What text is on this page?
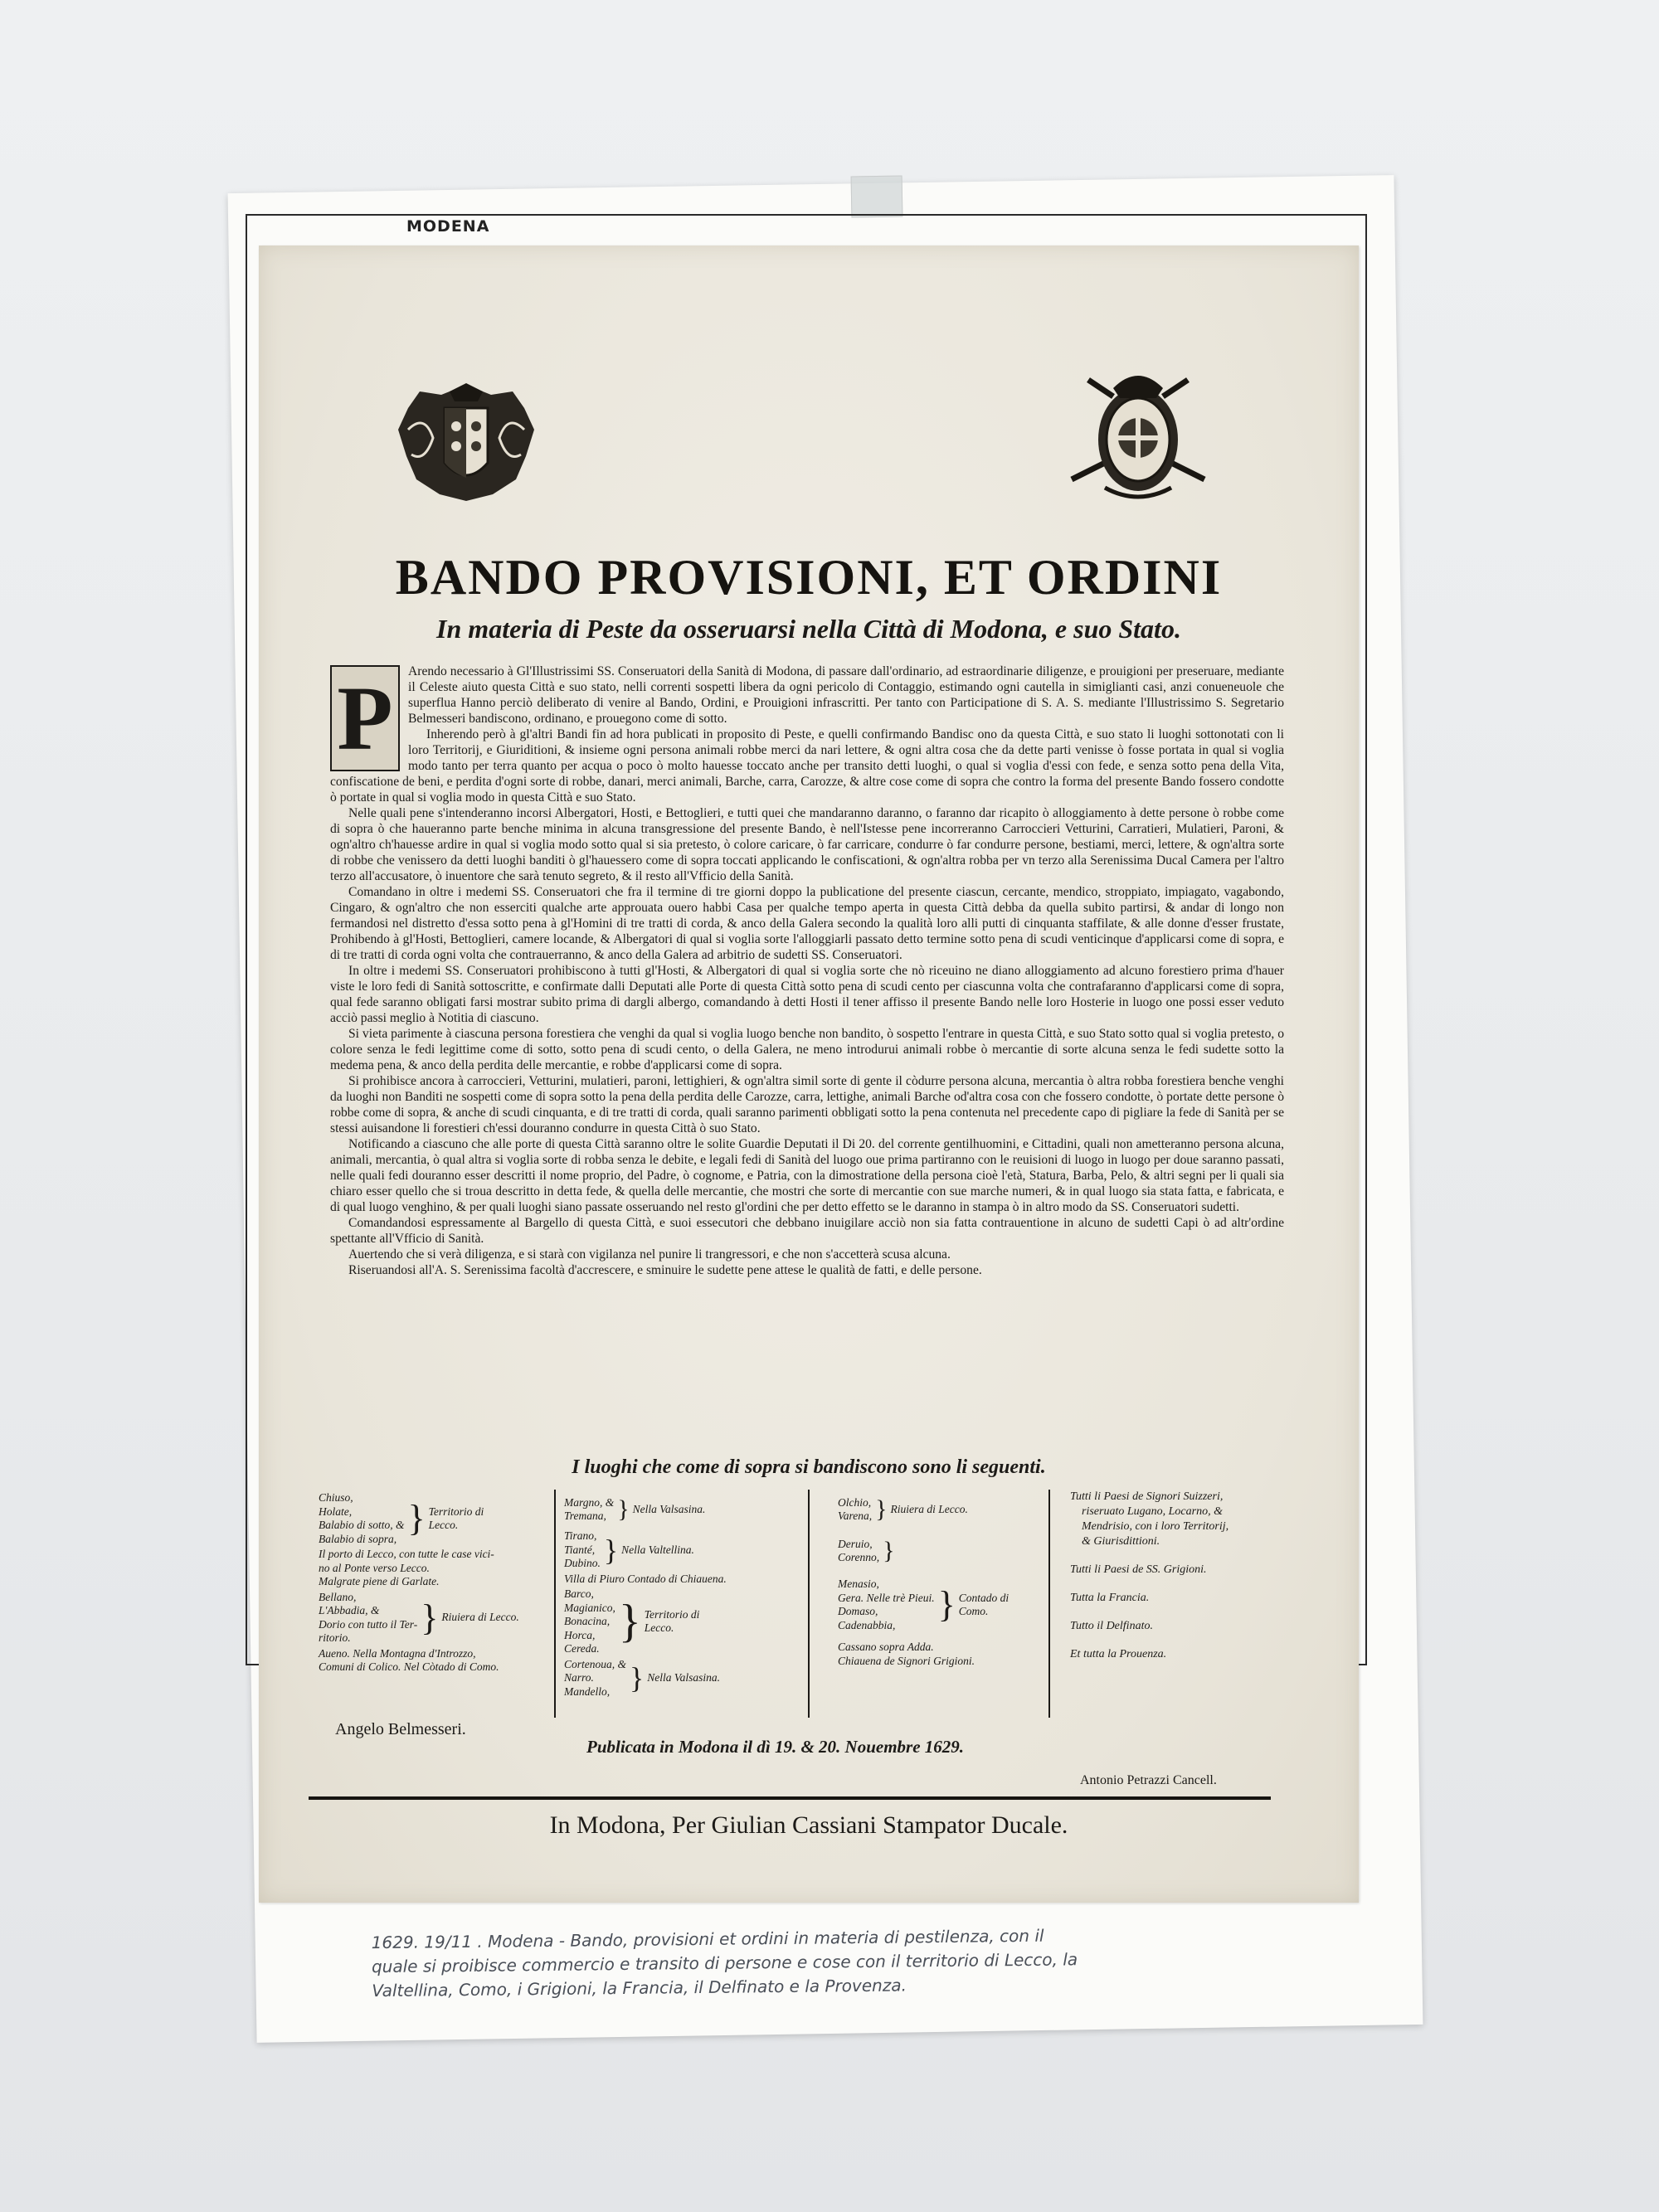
MODENA
BANDO PROVISIONI, ET ORDINI
In materia di Peste da osseruarsi nella Città di Modona, e suo Stato.
P	Arendo necessario à Gl'Illustrissimi SS. Conseruatori della Sanità di Modona, di passare dall'ordinario, ad estraordinarie diligenze, e prouigioni per preseruare, mediante il Celeste aiuto questa Città e suo stato, nelli correnti sospetti libera da ogni pericolo di Contaggio, estimando ogni cautella in simiglianti casi, anzi conueneuole che superflua Hanno perciò deliberato di venire al Bando, Ordini, e Prouigioni infrascritti. Per tanto con Participatione di S. A. S. mediante l'Illustrissimo S. Segretario Belmesseri bandiscono, ordinano, e prouegono come di sotto.

Inherendo però à gl'altri Bandi fin ad hora publicati in proposito di Peste, e quelli confirmando Bandisc ono da questa Città, e suo stato li luoghi sottonotati con li loro Territorij, e Giuriditioni, & insieme ogni persona animali robbe merci da nari lettere, & ogni altra cosa che da dette parti venisse ò fosse portata in qual si voglia modo tanto per terra quanto per acqua o poco ò molto hauesse toccato anche per transito detti luoghi, o qual si voglia d'essi con fede, e senza sotto pena della Vita, confiscatione de beni, e perdita d'ogni sorte di robbe, danari, merci animali, Barche, carra, Carozze, & altre cose come di sopra che contro la forma del presente Bando fossero condotte ò portate in qual si voglia modo in questa Città e suo Stato.

Nelle quali pene s'intenderanno incorsi Albergatori, Hosti, e Bettoglieri, e tutti quei che mandaranno daranno, o faranno dar ricapito ò alloggiamento à dette persone ò robbe come di sopra ò che haueranno parte benche minima in alcuna transgressione del presente Bando, è nell'Istesse pene incorreranno Carroccieri Vetturini, Carratieri, Mulatieri, Paroni, & ogn'altro ch'hauesse ardire in qual si voglia modo sotto qual si sia pretesto, ò colore caricare, ò far carricare, condurre ò far condurre persone, bestiami, merci, lettere, & ogn'altra sorte di robbe che venissero da detti luoghi banditi ò gl'hauessero come di sopra toccati applicando le confiscationi, & ogn'altra robba per vn terzo alla Serenissima Ducal Camera per l'altro terzo all'accusatore, ò inuentore che sarà tenuto segreto, & il resto all'Vfficio della Sanità.

Comandano in oltre i medemi SS. Conseruatori che fra il termine di tre giorni doppo la publicatione del presente ciascun, cercante, mendico, stroppiato, impiagato, vagabondo, Cingaro, & ogn'altro che non esserciti qualche arte approuata ouero habbi Casa per qualche tempo aperta in questa Città debba da quella subito partirsi, & andar di longo non fermandosi nel distretto d'essa sotto pena à gl'Homini di tre tratti di corda, & anco della Galera secondo la qualità loro alli putti di cinquanta staffilate, & alle donne d'esser frustate, Prohibendo à gl'Hosti, Bettoglieri, camere locande, & Albergatori di qual si voglia sorte l'alloggiarli passato detto termine sotto pena di scudi venticinque d'applicarsi come di sopra, e di tre tratti di corda ogni volta che contrauerranno, & anco della Galera ad arbitrio de sudetti SS. Conseruatori.

In oltre i medemi SS. Conseruatori prohibiscono à tutti gl'Hosti, & Albergatori di qual si voglia sorte che nò riceuino ne diano alloggiamento ad alcuno forestiero prima d'hauer viste le loro fedi di Sanità sottoscritte, e confirmate dalli Deputati alle Porte di questa Città sotto pena di scudi cento per ciascunna volta che contrafaranno d'applicarsi come di sopra, qual fede saranno obligati farsi mostrar subito prima di dargli albergo, comandando à detti Hosti il tener affisso il presente Bando nelle loro Hosterie in luogo one possi esser veduto acciò passi meglio à Notitia di ciascuno.

Si vieta parimente à ciascuna persona forestiera che venghi da qual si voglia luogo benche non bandito, ò sospetto l'entrare in questa Città, e suo Stato sotto qual si voglia pretesto, o colore senza le fedi legittime come di sotto, sotto pena di scudi cento, o della Galera, ne meno introdurui animali robbe ò mercantie di sorte alcuna senza le fedi sudette sotto la medema pena, & anco della perdita delle mercantie, e robbe d'applicarsi come di sopra.

Si prohibisce ancora à carroccieri, Vetturini, mulatieri, paroni, lettighieri, & ogn'altra simil sorte di gente il còdurre persona alcuna, mercantia ò altra robba forestiera benche venghi da luoghi non Banditi ne sospetti come di sopra sotto la pena della perdita delle Carozze, carra, lettighe, animali Barche od'altra cosa con che fossero condotte, ò portate dette persone ò robbe come di sopra, & anche di scudi cinquanta, e di tre tratti di corda, quali saranno parimenti obbligati sotto la pena contenuta nel precedente capo di pigliare la fede di Sanità per se stessi auisandone li forestieri ch'essi douranno condurre in questa Città ò suo Stato.

Notificando a ciascuno che alle porte di questa Città saranno oltre le solite Guardie Deputati il Di 20. del corrente gentilhuomini, e Cittadini, quali non ametteranno persona alcuna, animali, mercantia, ò qual altra si voglia sorte di robba senza le debite, e legali fedi di Sanità del luogo oue prima partiranno con le reuisioni di luogo in luogo per doue saranno passati, nelle quali fedi douranno esser descritti il nome proprio, del Padre, ò cognome, e Patria, con la dimostratione della persona cioè l'età, Statura, Barba, Pelo, & altri segni per li quali sia chiaro esser quello che si troua descritto in detta fede, & quella delle mercantie, che mostri che sorte di mercantie con sue marche numeri, & in qual luogo sia stata fatta, e fabricata, e di qual luogo venghino, & per quali luoghi siano passate osseruando nel resto gl'ordini che per detto effetto se le daranno in stampa ò in altro modo da SS. Conseruatori sudetti.

Comandandosi espressamente al Bargello di questa Città, e suoi essecutori che debbano inuigilare acciò non sia fatta contrauentione in alcuno de sudetti Capi ò ad altr'ordine spettante all'Vfficio di Sanità.

Auertendo che si verà diligenza, e si starà con vigilanza nel punire li trangressori, e che non s'accetterà scusa alcuna.

Riseruandosi all'A. S. Serenissima facoltà d'accrescere, e sminuire le sudette pene attese le qualità de fatti, e delle persone.

I luoghi che come di sopra si bandiscono sono li seguenti.
Chiuso,
Holate,
Balabio di sotto, &
Balabio di sopra, } Territorio di Lecco.
Il porto di Lecco, con tutte le case vici-
no al Ponte verso Lecco.
Malgrate piene di Garlate.
Bellano,
L'Abbadia, &
Dorio con tutto il Ter-
ritorio.	} Riuiera di Lecco.
Aueno. Nella Montagna d'Introzzo,
Comuni di Colico. Nel Còtado di Como.
Margno, &
Tremana, } Nella Valsasina.
Tirano,
Tianté,
Dubino. } Nella Valtellina.
Villa di Piuro Contado di Chiauena.
Barco,
Magianico,
Bonacina,
Horca,
Cereda.
} Territorio di Lecco.
Cortenoua, &
Narro.
Mandello, } Nella Valsasina.
Olchio,
Varena, } Riuiera di Lecco.
Deruio,
Corenno, }
Menasio,
Gera. Nelle trè Pieui.
Domaso,
Cadenabbia,	} Contado di Como.
Cassano sopra Adda.
Chiauena de Signori Grigioni.
Tutti li Paesi de Signori Suizzeri,
riseruato Lugano, Locarno, &
Mendrisio, con i loro Territorij,
& Giurisdittioni.
Tutti li Paesi de SS. Grigioni.
Tutta la Francia.
Tutto il Delfinato.
Et tutta la Prouenza.
Angelo Belmesseri.
Publicata in Modona il dì 19. & 20. Nouembre 1629.
Antonio Petrazzi Cancell.
In Modona, Per Giulian Cassiani Stampator Ducale.
1629. 19/11 . Modena - Bando, provisioni et ordini in materia di pestilenza, con il
quale si proibisce commercio e transito di persone e cose con il territorio di Lecco, la
Valtellina, Como, i Grigioni, la Francia, il Delfinato e la Provenza.
